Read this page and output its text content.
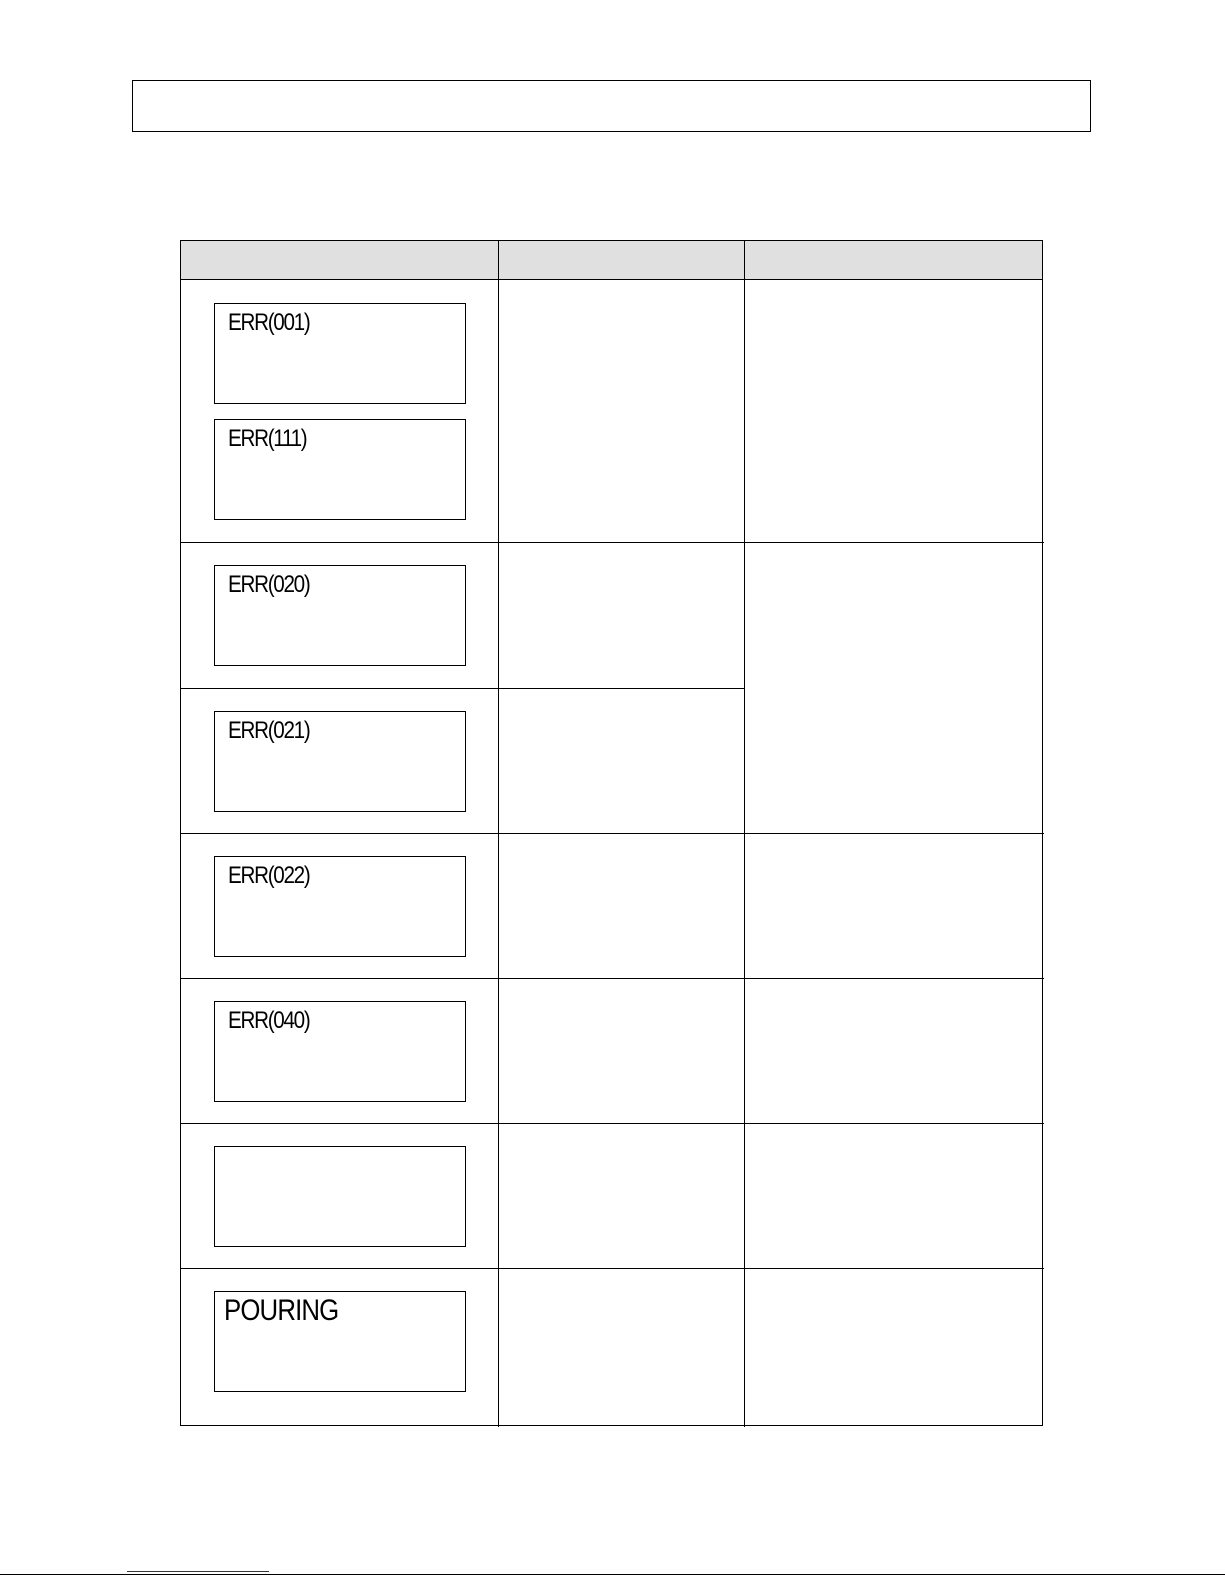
ERR(001)
ERR(111)
ERR(020)
ERR(021)
ERR(022)
ERR(040)
POURING
